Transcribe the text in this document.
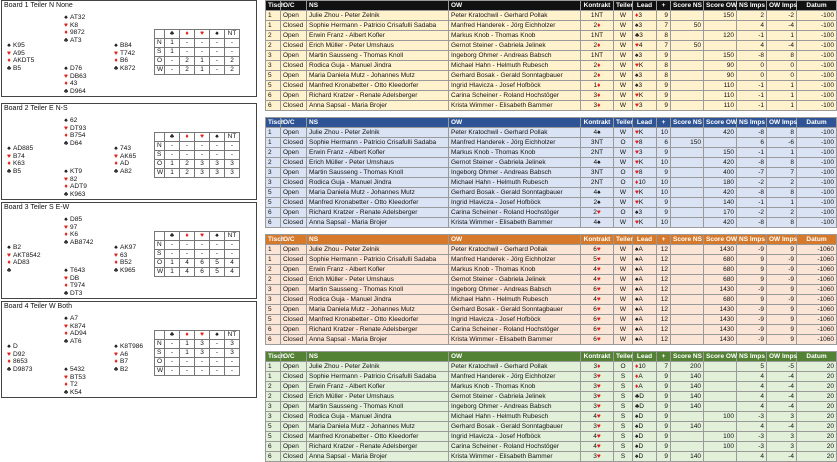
Board 1 Teiler N None
♠ AT32
♥ K8
♦ 9872
♣ AT3
♠ K95
♥ A95
♦ AKDT5
♣ B5
♠ B84
♥ T742
♦ B6
♣ K872
♠ D76
♥ DB63
♦ 43
♣ D964
	♣	♦	♥	♠	NT
N	1	-	-	-	-
S	1	-	-	-	-
O	-	2	1	-	2
W	-	2	1	-	2
Board 2 Teiler E N-S
♠ 62
♥ DT93
♦ B754
♣ D64
♠ AD885
♥ B74
♦ K63
♣ B5
♠ 743
♥ AK65
♦ AD
♣ A82
♠ KT9
♥ 82
♦ ADT9
♣ K963
	♣	♦	♥	♠	NT
N	-	-	-	-	-
S	-	-	-	-	-
O	1	2	3	3	3
W	1	2	3	3	3
Board 3 Teiler S E-W
♠ D85
♥ 97
♦ K6
♣ AB8742
♠ B2
♥ AKT8542
♦ AD83
♣
♠ AK97
♥ 63
♦ B52
♣ K965
♠ T643
♥ DB
♦ T974
♣ DT3
	♣	♦	♥	♠	NT
N	-	-	-	-	-
S	-	-	-	-	-
O	1	4	6	5	4
W	1	4	6	5	4
Board 4 Teiler W Both
♠ A7
♥ K874
♦ AD94
♣ AT6
♠ D
♥ D92
♦ 8653
♣ D9873
♠ K8T986
♥ A6
♦ B7
♣ B2
♠ 5432
♥ BT53
♦ T2
♣ K54
	♣	♦	♥	♠	NT
N	-	1	3	-	3
S	-	1	3	-	3
O	-	-	-	-	-
W	-	-	-	-	-
Tisch	O/C	NS	OW	Kontrakt	Teiler	Lead	+	Score NS	Score OW	NS Imps	OW Imps	Datum
1	Open	Julie Zhou - Peter Zelnik	Peter Kratochwil - Gerhard Pollak	1NT	W	♦3	9		150	2	-2	-100
1	Closed	Sophie Hermann - Patricio Crisafulli Sadaba	Manfred Handerek - Jörg Eichholzer	2♦	W	♠3	7	50		4	-4	-100
2	Open	Erwin Franz - Albert Kofler	Markus Knob - Thomas Knob	1NT	W	♣3	8		120	-1	1	-100
2	Closed	Erich Müller - Peter Umshaus	Gernot Steiner - Gabriela Jelinek	2♦	W	♥4	7	50		4	-4	-100
3	Open	Martin Sausseng - Thomas Knoll	Ingeborg Ohmer - Andreas Babsch	1NT	W	♠3	9		150	-8	8	-100
3	Closed	Rodica Guja - Manuel Jindra	Michael Hahn - Helmuth Rubesch	2♦	W	♥K	8		90	0	0	-100
5	Open	Maria Daniela Mutz - Johannes Mutz	Gerhard Bosak - Gerald Sonntagbauer	2♦	W	♠3	8		90	0	0	-100
5	Closed	Manfred Kronabetter - Otto Kleedorfer	Ingrid Hlavicza - Josef Hofböck	1♦	W	♠3	9		110	-1	1	-100
6	Open	Richard Kratzer - Renate Adelsberger	Carina Scheiner - Roland Hochstöger	3♦	W	♥K	9		110	-1	1	-100
6	Closed	Anna Sapsal - Maria Brojer	Krista Wimmer - Elisabeth Bammer	3♦	W	♥3	9		110	-1	1	-100

Tisch	O/C	NS	OW	Kontrakt	Teiler	Lead	+	Score NS	Score OW	NS Imps	OW Imps	Datum
1	Open	Julie Zhou - Peter Zelnik	Peter Kratochwil - Gerhard Pollak	4♠	W	♥K	10		420	-8	8	-100
1	Closed	Sophie Hermann - Patricio Crisafulli Sadaba	Manfred Handerek - Jörg Eichholzer	3NT	O	♥8	6	150		6	-6	-100
2	Open	Erwin Franz - Albert Kofler	Markus Knob - Thomas Knob	2NT	W	♥3	9		150	-1	1	-100
2	Closed	Erich Müller - Peter Umshaus	Gernot Steiner - Gabriela Jelinek	4♠	W	♥K	10		420	-8	8	-100
3	Open	Martin Sausseng - Thomas Knoll	Ingeborg Ohmer - Andreas Babsch	3NT	O	♥8	9		400	-7	7	-100
3	Closed	Rodica Guja - Manuel Jindra	Michael Hahn - Helmuth Rubesch	2NT	O	♦10	10		180	-2	2	-100
5	Open	Maria Daniela Mutz - Johannes Mutz	Gerhard Bosak - Gerald Sonntagbauer	4♠	W	♥K	10		420	-8	8	-100
5	Closed	Manfred Kronabetter - Otto Kleedorfer	Ingrid Hlavicza - Josef Hofböck	2♠	W	♥K	9		140	-1	1	-100
6	Open	Richard Kratzer - Renate Adelsberger	Carina Scheiner - Roland Hochstöger	2♥	O	♠3	9		170	-2	2	-100
6	Closed	Anna Sapsal - Maria Brojer	Krista Wimmer - Elisabeth Bammer	4♠	W	♥K	10		420	-8	8	-100

Tisch	O/C	NS	OW	Kontrakt	Teiler	Lead	+	Score NS	Score OW	NS Imps	OW Imps	Datum
1	Open	Julie Zhou - Peter Zelnik	Peter Kratochwil - Gerhard Pollak	6♥	W	♠A	12		1430	-9	9	-1060
1	Closed	Sophie Hermann - Patricio Crisafulli Sadaba	Manfred Handerek - Jörg Eichholzer	5♥	W	♠A	12		680	9	-9	-1060
2	Open	Erwin Franz - Albert Kofler	Markus Knob - Thomas Knob	4♥	W	♠A	12		680	9	-9	-1060
2	Closed	Erich Müller - Peter Umshaus	Gernot Steiner - Gabriela Jelinek	4♥	W	♠A	12		680	9	-9	-1060
3	Open	Martin Sausseng - Thomas Knoll	Ingeborg Ohmer - Andreas Babsch	6♥	W	♠A	12		1430	-9	9	-1060
3	Closed	Rodica Guja - Manuel Jindra	Michael Hahn - Helmuth Rubesch	4♥	W	♠A	12		680	9	-9	-1060
5	Open	Maria Daniela Mutz - Johannes Mutz	Gerhard Bosak - Gerald Sonntagbauer	6♥	W	♠A	12		1430	-9	9	-1060
5	Closed	Manfred Kronabetter - Otto Kleedorfer	Ingrid Hlavicza - Josef Hofböck	6♥	W	♠A	12		1430	-9	9	-1060
6	Open	Richard Kratzer - Renate Adelsberger	Carina Scheiner - Roland Hochstöger	6♥	W	♠A	12		1430	-9	9	-1060
6	Closed	Anna Sapsal - Maria Brojer	Krista Wimmer - Elisabeth Bammer	6♥	W	♠A	12		1430	-9	9	-1060

Tisch	O/C	NS	OW	Kontrakt	Teiler	Lead	+	Score NS	Score OW	NS Imps	OW Imps	Datum
1	Open	Julie Zhou - Peter Zelnik	Peter Kratochwil - Gerhard Pollak	3♦	O	♦10	7	200		5	-5	20
1	Closed	Sophie Hermann - Patricio Crisafulli Sadaba	Manfred Handerek - Jörg Eichholzer	3♥	S	♦A	9	140		4	-4	20
2	Open	Erwin Franz - Albert Kofler	Markus Knob - Thomas Knob	3♥	S	♦A	9	140		4	-4	20
2	Closed	Erich Müller - Peter Umshaus	Gernot Steiner - Gabriela Jelinek	3♥	S	♣D	9	140		4	-4	20
3	Open	Martin Sausseng - Thomas Knoll	Ingeborg Ohmer - Andreas Babsch	3♥	S	♣D	9	140		4	-4	20
3	Closed	Rodica Guja - Manuel Jindra	Michael Hahn - Helmuth Rubesch	4♥	S	♠D	9		100	-3	3	20
5	Open	Maria Daniela Mutz - Johannes Mutz	Gerhard Bosak - Gerald Sonntagbauer	3♥	S	♠D	9	140		4	-4	20
5	Closed	Manfred Kronabetter - Otto Kleedorfer	Ingrid Hlavicza - Josef Hofböck	4♥	S	♠D	9		100	-3	3	20
6	Open	Richard Kratzer - Renate Adelsberger	Carina Scheiner - Roland Hochstöger	4♥	S	♠D	9		100	-3	3	20
6	Closed	Anna Sapsal - Maria Brojer	Krista Wimmer - Elisabeth Bammer	3♥	S	♠D	9	140		4	-4	20
